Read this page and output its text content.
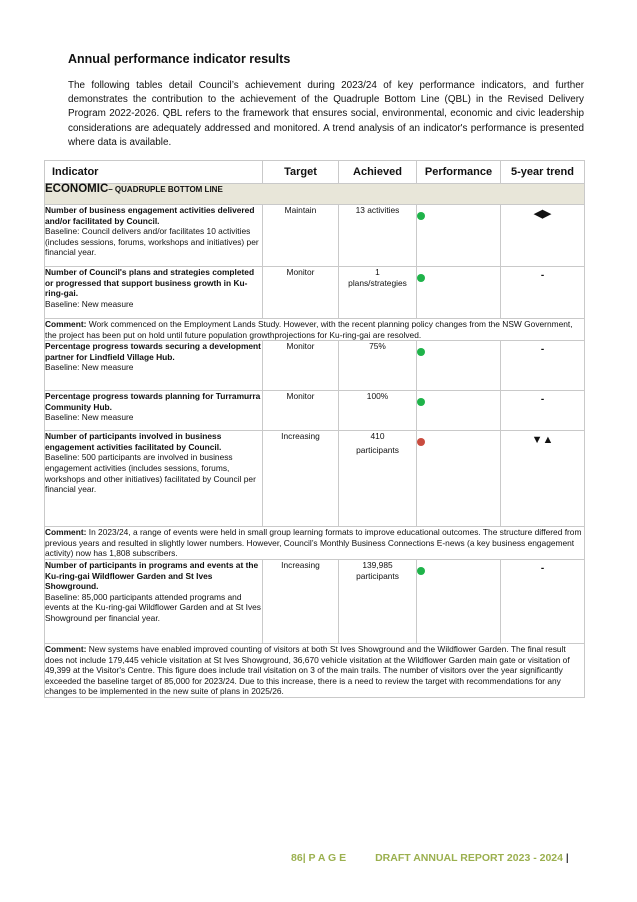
Annual performance indicator results

The following tables detail Council’s achievement during 2023/24 of key performance indicators, and further demonstrates the contribution to the achievement of the Quadruple Bottom Line (QBL) in the Revised Delivery Program 2022-2026. QBL refers to the framework that ensures social, environmental, economic and civic leadership considerations are adequately addressed and monitored. A trend analysis of an indicator's performance is presented where data is available.

Indicator	Target	Achieved	Performance	5-year trend
ECONOMIC– QUADRUPLE BOTTOM LINE				
Number of business engagement activities delivered and/or facilitated by Council.
Baseline: Council delivers and/or facilitates 10 activities (includes sessions, forums, workshops and initiatives) per financial year.	Maintain	13 activities		◀▶

Number of Council's plans and strategies completed or progressed that support business growth in Ku-ring-gai.
Baseline: New measure	Monitor	1
plans/strategies		-

Comment: Work commenced on the Employment Lands Study. However, with the recent planning policy changes from the NSW Government, the project has been put on hold until future population growthprojections for Ku-ring-gai are resolved.				
Percentage progress towards securing a development partner for Lindfield Village Hub.
Baseline: New measure	Monitor	75%		-

Percentage progress towards planning for Turramurra Community Hub.
Baseline: New measure	Monitor	100%		-

Number of participants involved in business engagement activities facilitated by Council.
Baseline: 500 participants are involved in business engagement activities (includes sessions, forums, workshops and other initiatives) facilitated by Council per financial year.	Increasing	410
participants		▼▲

Comment: In 2023/24, a range of events were held in small group learning formats to improve educational outcomes. The structure differed from previous years and resulted in slightly lower numbers. However, Council’s Monthly Business Connections E-news (a key business engagement activity) now has 1,808 subscribers.				
Number of participants in programs and events at the Ku-ring-gai Wildflower Garden and St Ives Showground.
Baseline: 85,000 participants attended programs and events at the Ku-ring-gai Wildflower Garden and at St Ives Showground per financial year.	Increasing	139,985
participants		-

Comment: New systems have enabled improved counting of visitors at both St Ives Showground and the Wildflower Garden. The final result does not include 179,445 vehicle visitation at St Ives Showground, 36,670 vehicle visitation at the Wildflower Garden main gate or visitation of 49,399 at the Visitor's Centre. This figure does include trail visitation on 3 of the main trails. The number of visitors over the year significantly exceeded the baseline target of 85,000 for 2023/24. Due to this increase, there is a need to review the target with recommendations for any changes to be implemented in the new suite of plans in 2025/26.				
86| P A G E	DRAFT ANNUAL REPORT 2023 - 2024 |
